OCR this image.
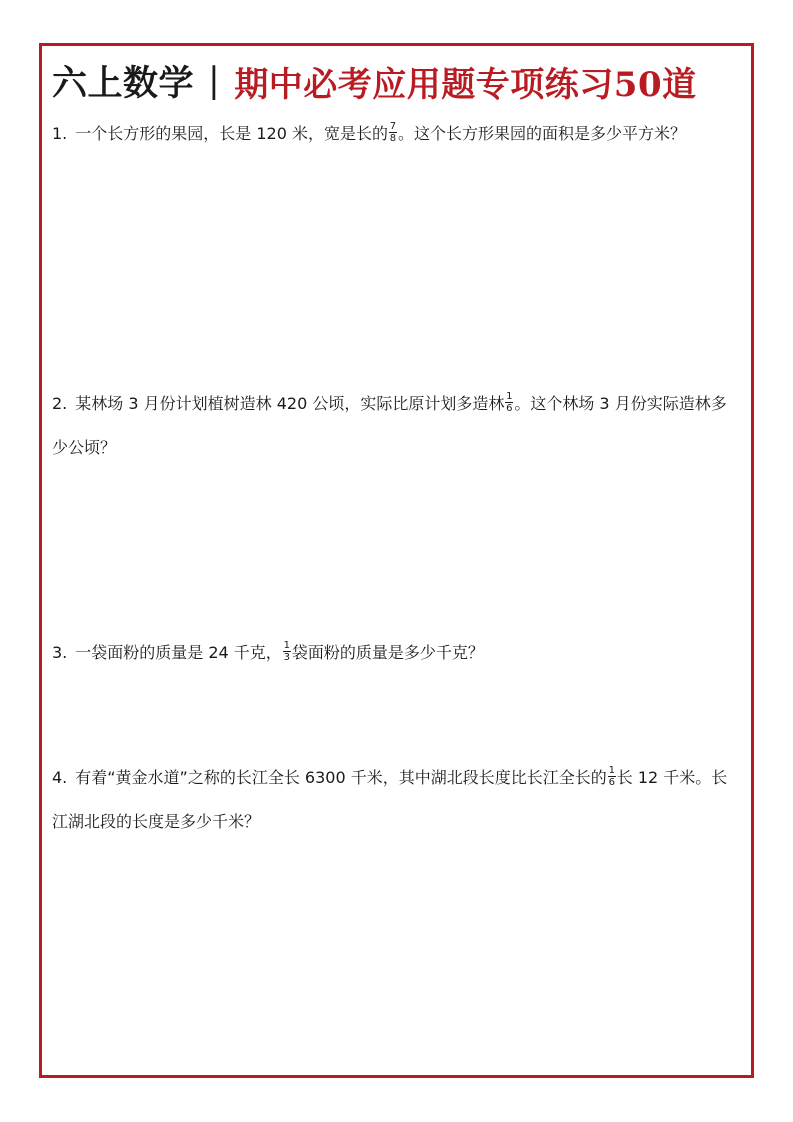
六上数学 | 期中必考应用题专项练习50道
1. 一个长方形的果园，长是 120 米，宽是长的 $\frac{7}{8}$ 。这个长方形果园的面积是多少平方米？
2. 某林场 3 月份计划植树造林 420 公顷，实际比原计划多造林 $\frac{1}{6}$ 。这个林场 3 月份实际造林多少公顷？
3. 一袋面粉的质量是 24 千克， $\frac{1}{3}$ 袋面粉的质量是多少千克？
4. 有着“黄金水道”之称的长江全长 6300 千米，其中湖北段长度比长江全长的 $\frac{1}{6}$ 长 12 千米。长江湖北段的长度是多少千米？
